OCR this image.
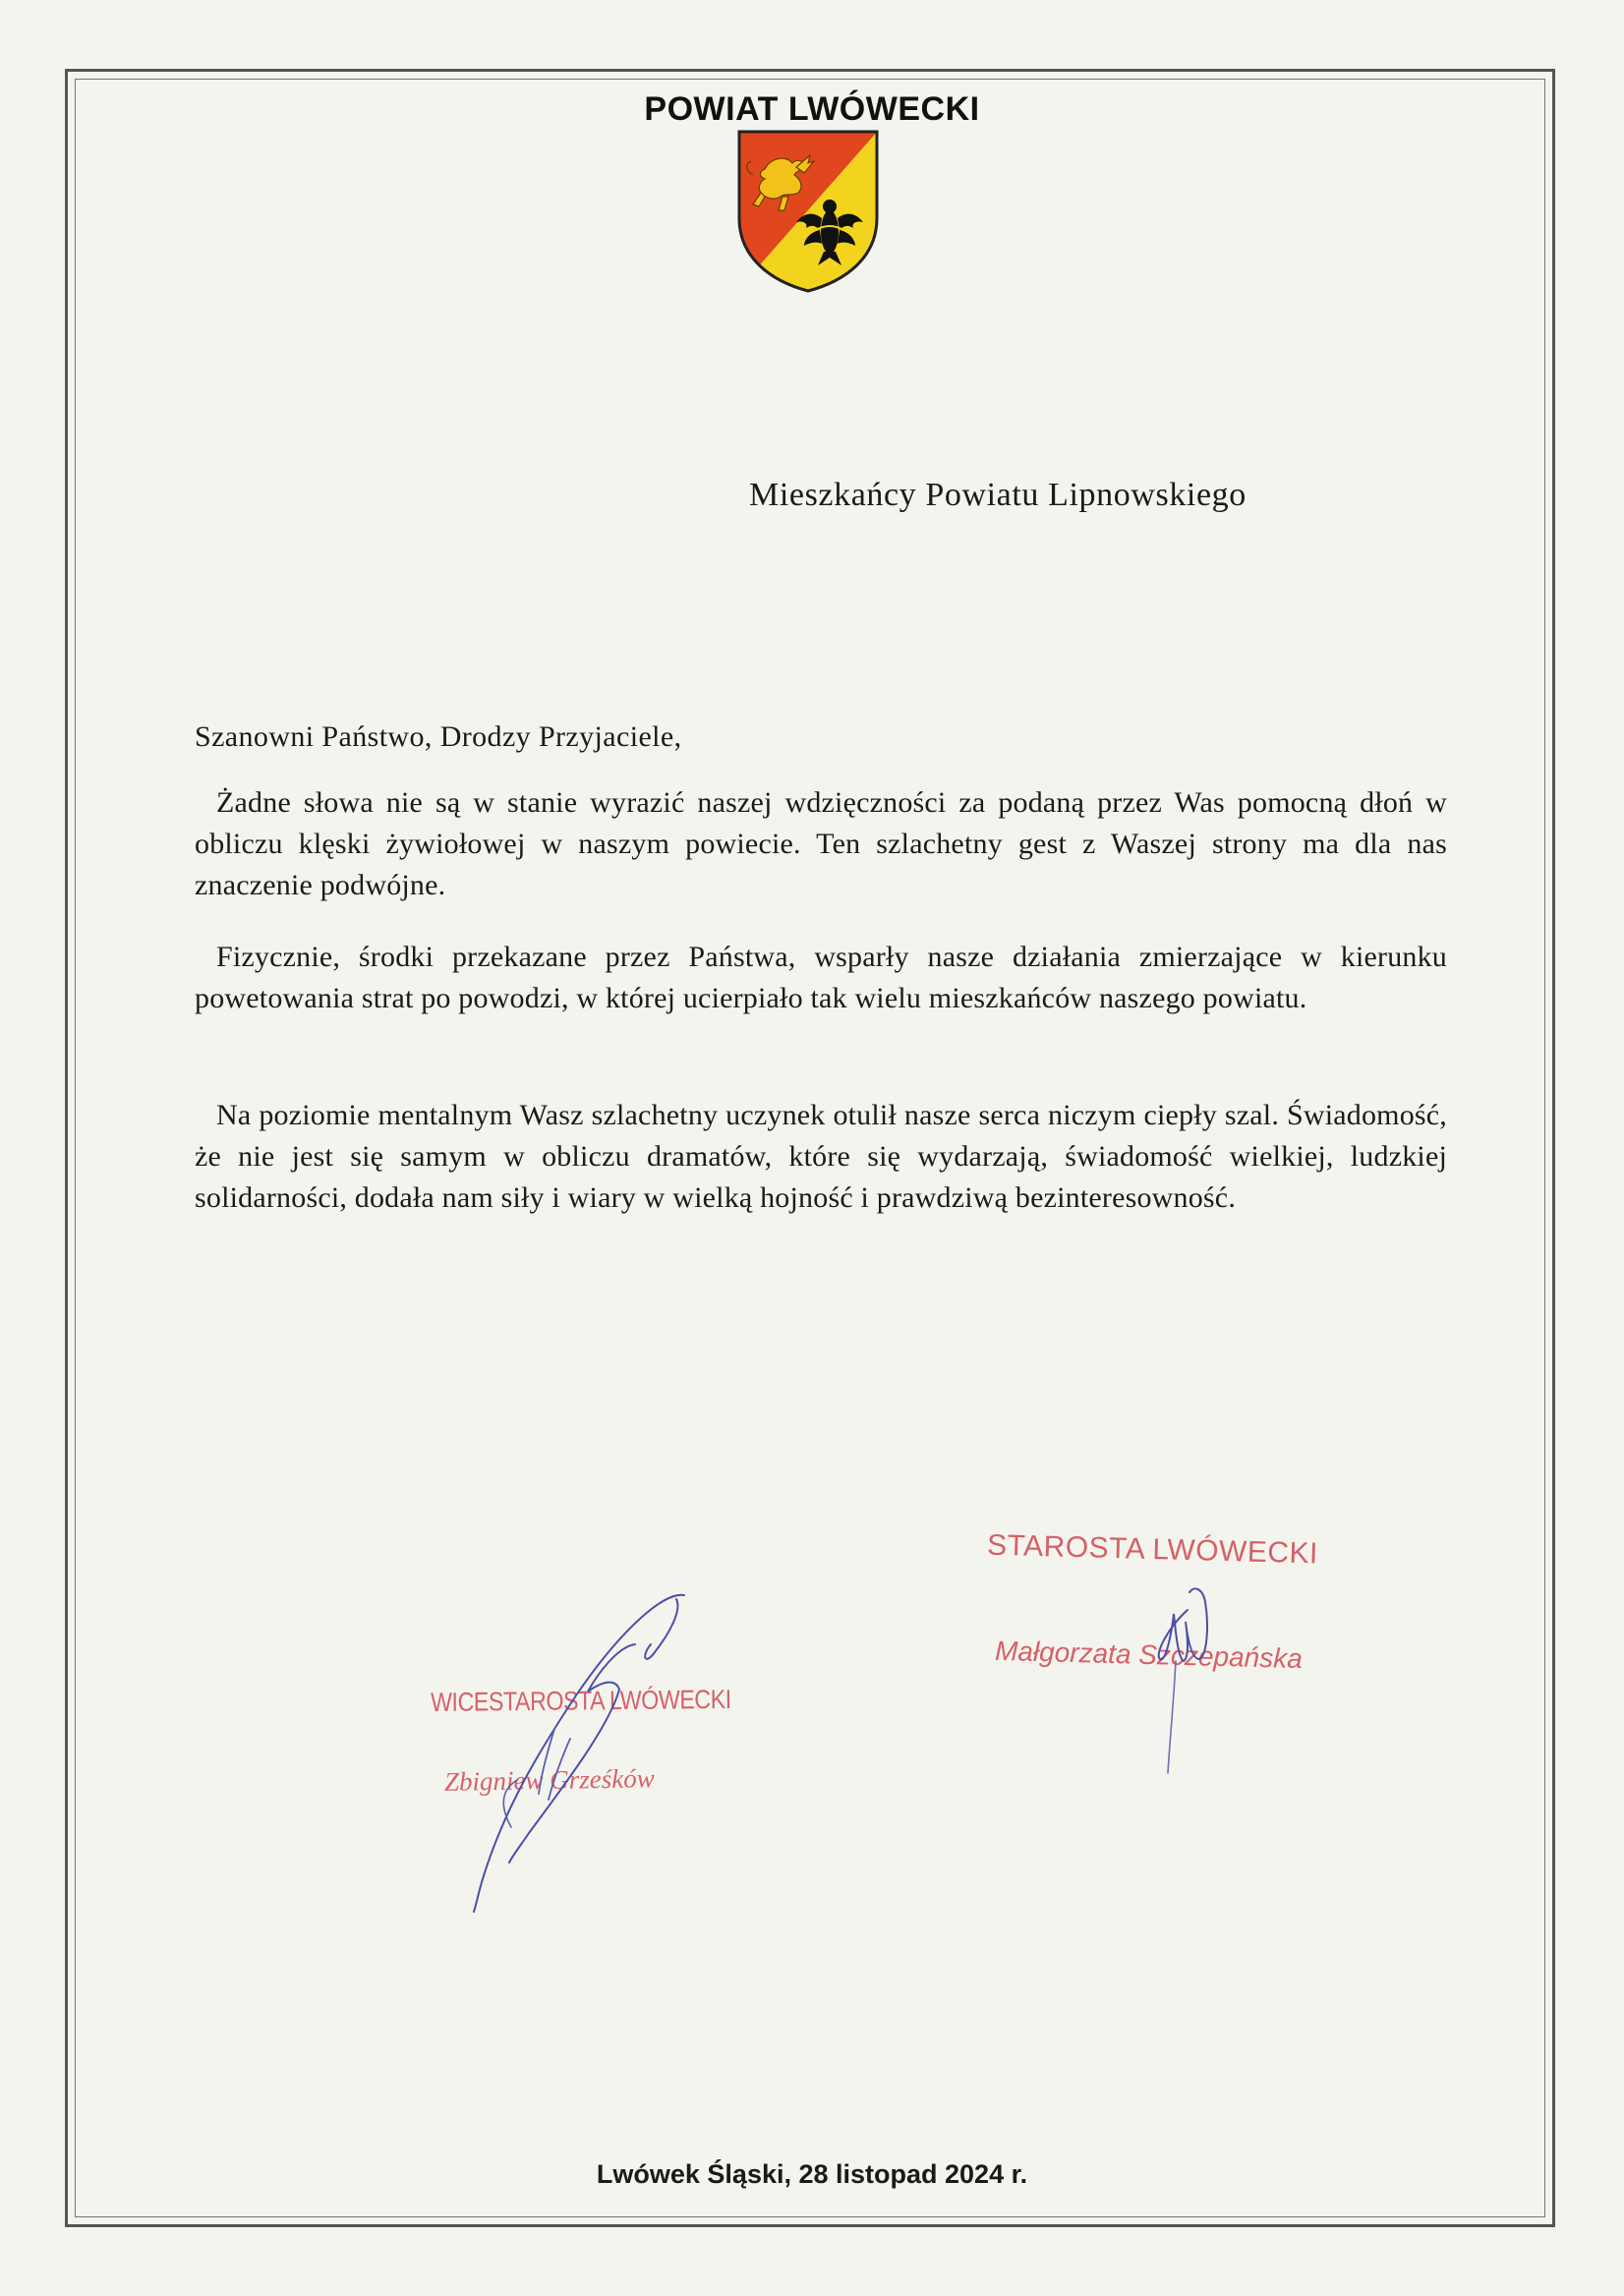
POWIAT LWÓWECKI
Mieszkańcy Powiatu Lipnowskiego
Szanowni Państwo, Drodzy Przyjaciele,

Żadne słowa nie są w stanie wyrazić naszej wdzięczności za podaną przez Was pomocną dłoń w obliczu klęski żywiołowej w naszym powiecie. Ten szlachetny gest z Waszej strony ma dla nas znaczenie podwójne.

Fizycznie, środki przekazane przez Państwa, wsparły nasze działania zmierzające w kierunku powetowania strat po powodzi, w której ucierpiało tak wielu mieszkańców naszego powiatu.

Na poziomie mentalnym Wasz szlachetny uczynek otulił nasze serca niczym ciepły szal. Świadomość, że nie jest się samym w obliczu dramatów, które się wydarzają, świadomość wielkiej, ludzkiej solidarności, dodała nam siły i wiary w wielką hojność i prawdziwą bezinteresowność.

STAROSTA LWÓWECKI
Małgorzata Szczepańska
WICESTAROSTA LWÓWECKI
Zbigniew Grześków
Lwówek Śląski, 28 listopad 2024 r.
